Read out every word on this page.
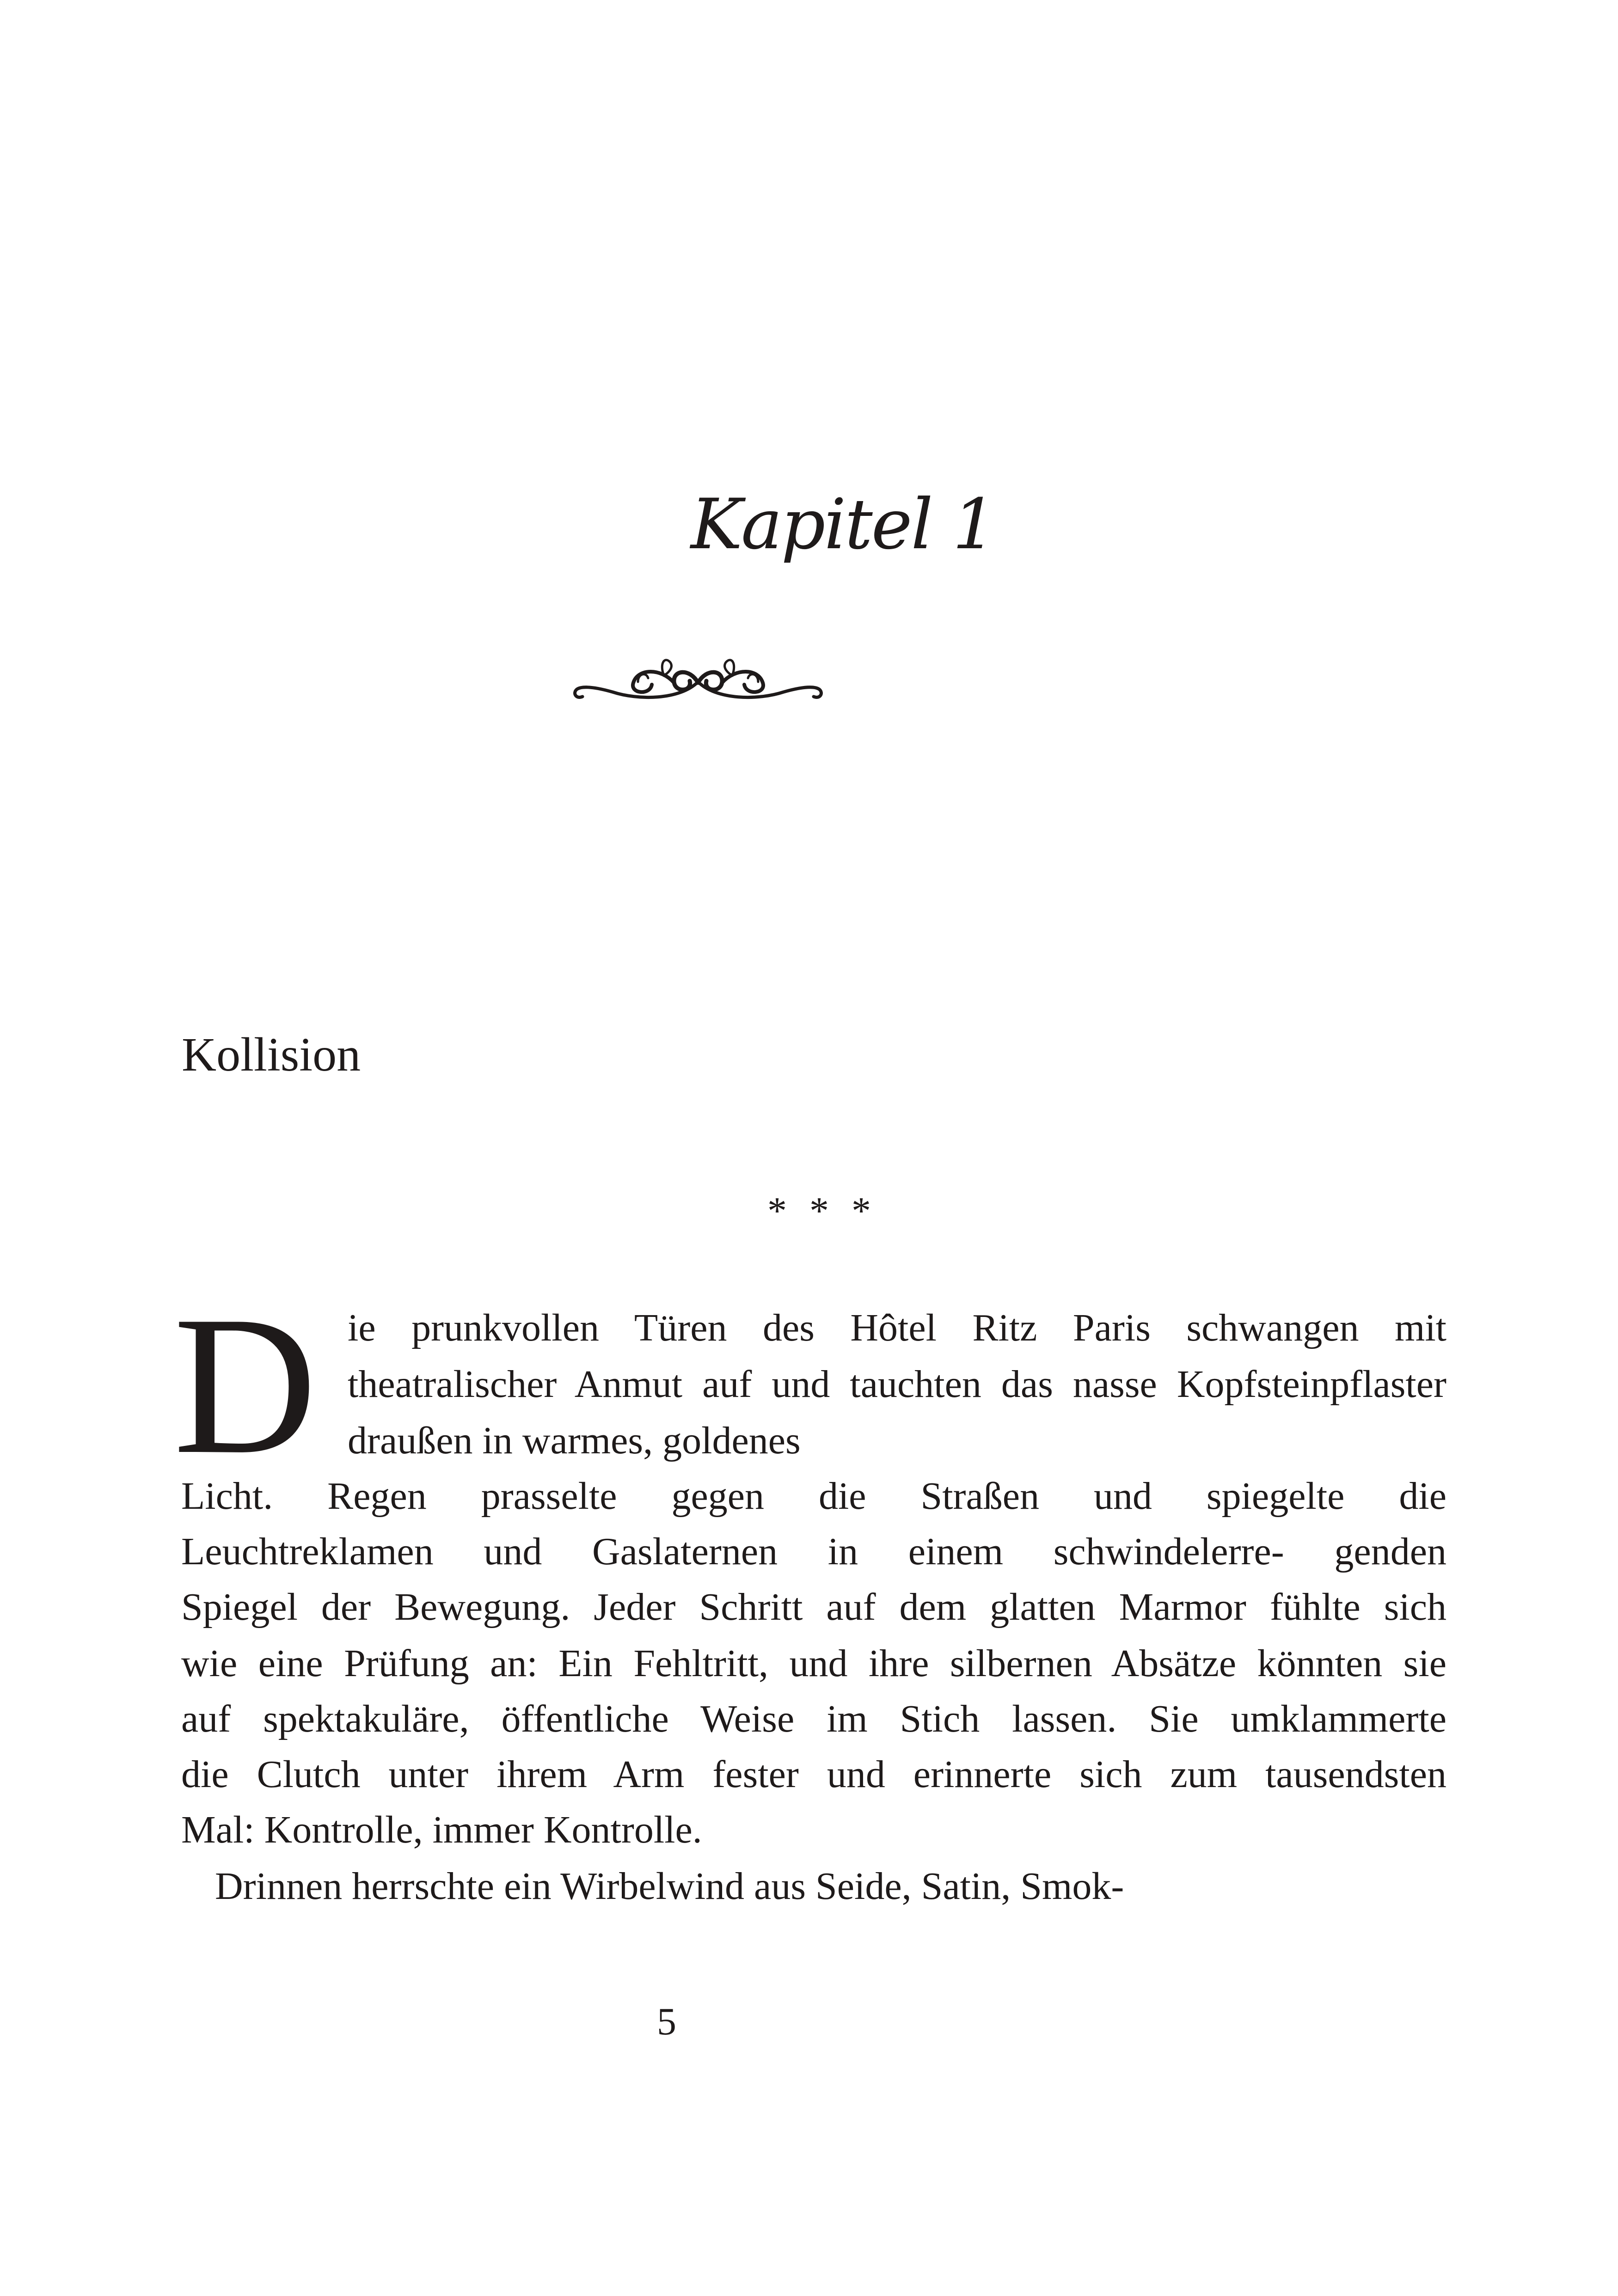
Kapitel 1
Kollision
* * *
D ie prunkvollen Türen des Hôtel Ritz Paris schwangen mit
theatralischer Anmut auf und tauchten das nasse Kopfsteinpflaster
draußen in warmes, goldenes
Licht. Regen prasselte gegen die Straßen und spiegelte die
Leuchtreklamen und Gaslaternen in einem schwindelerre- genden
Spiegel der Bewegung. Jeder Schritt auf dem glatten Marmor fühlte sich
wie eine Prüfung an: Ein Fehltritt, und ihre silbernen Absätze könnten sie
auf spektakuläre, öffentliche Weise im Stich lassen. Sie umklammerte
die Clutch unter ihrem Arm fester und erinnerte sich zum tausendsten
Mal: Kontrolle, immer Kontrolle.
Drinnen herrschte ein Wirbelwind aus Seide, Satin, Smok-
5
